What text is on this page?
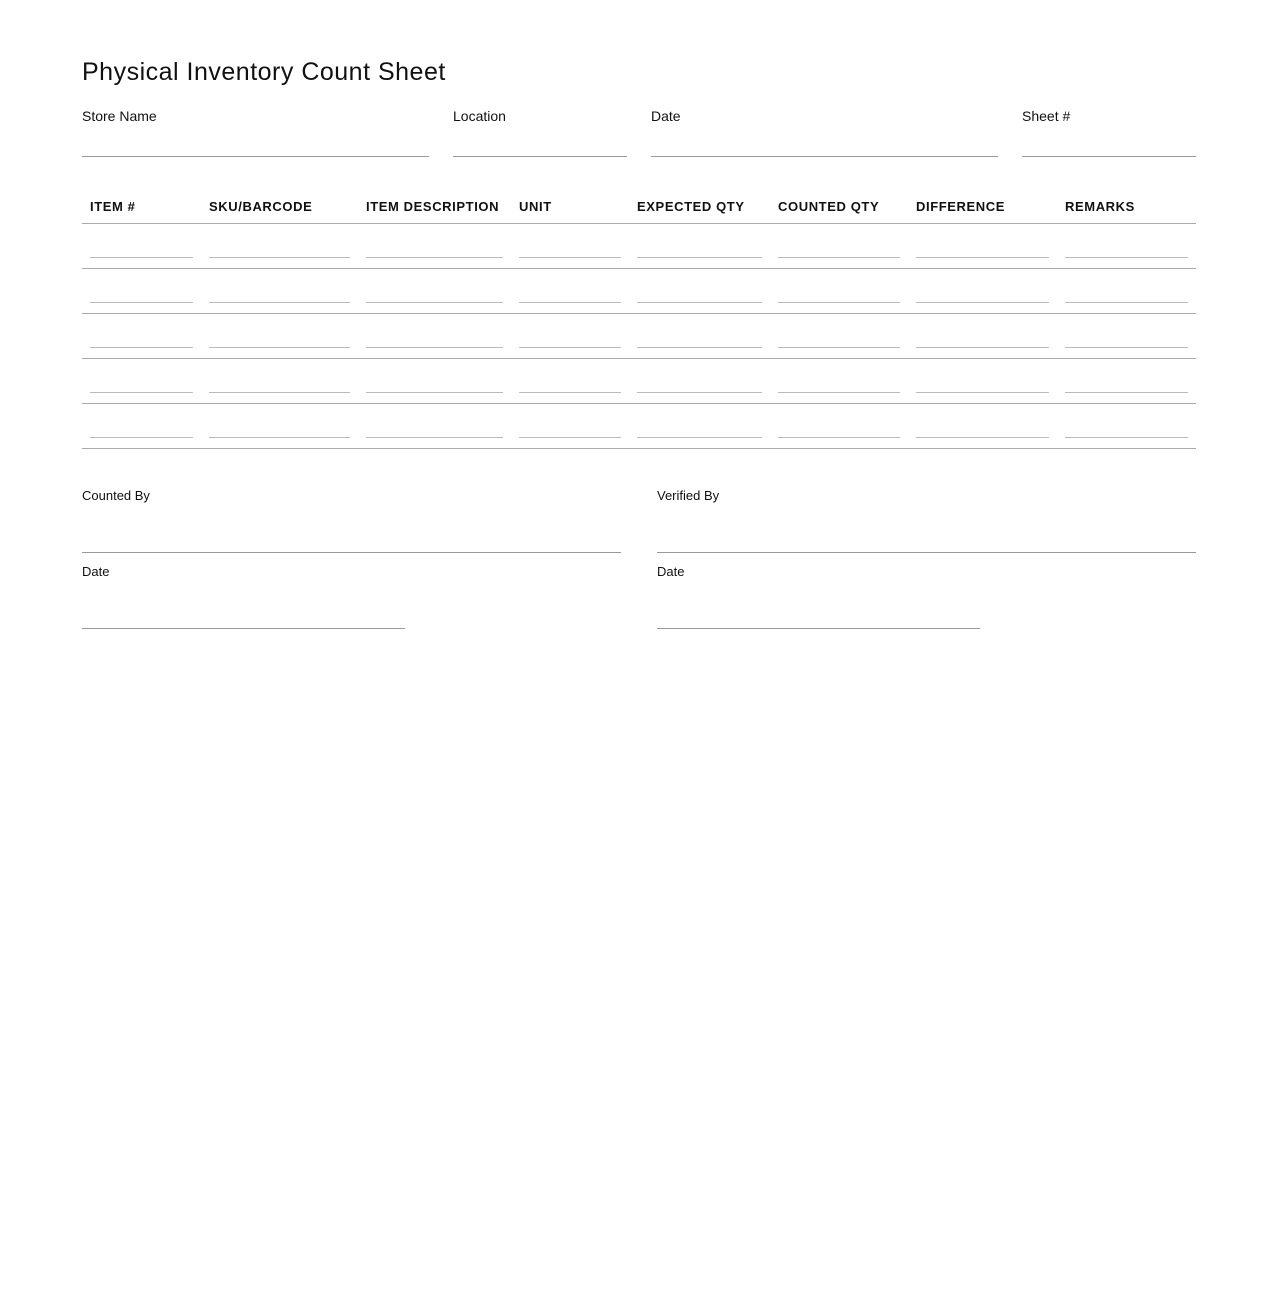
Physical Inventory Count Sheet
Store Name	Location	Date	Sheet #
ITEM #	SKU/BARCODE	ITEM DESCRIPTION	UNIT	EXPECTED QTY	COUNTED QTY	DIFFERENCE	REMARKS

Counted By	Verified By
Date	Date
